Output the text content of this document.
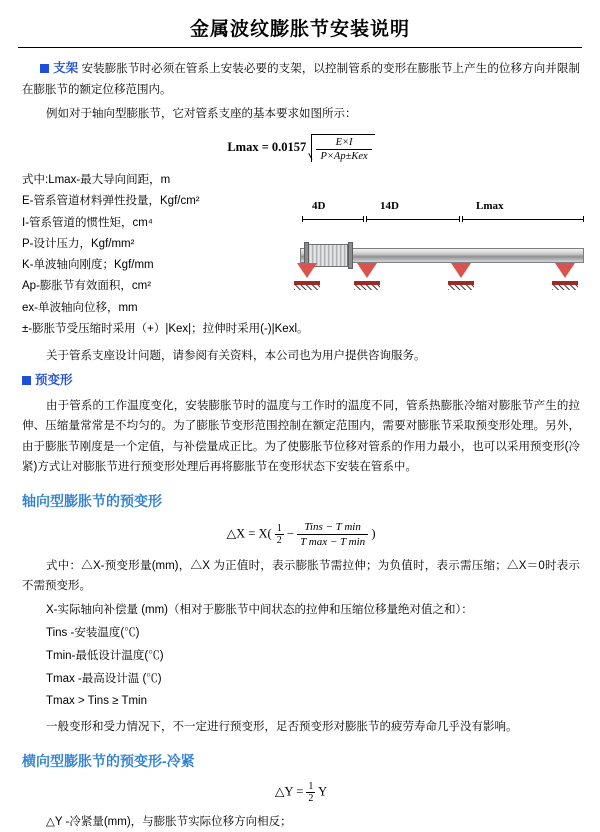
金属波纹膨胀节安装说明

支架 安装膨胀节时必须在管系上安装必要的支架，以控制管系的变形在膨胀节上产生的位移方向并限制在膨胀节的额定位移范围内。

例如对于轴向型膨胀节，它对管系支座的基本要求如图所示：

$Lmax = 0.0157 \frac{E\times I}{\text{P×Ap±Kex}}$
式中:Lmax-最大导向间距，m
E-管系管道材料弹性投量，Kgf/cm²
I-管系管道的惯性矩，cm⁴
P-设计压力，Kgf/mm²
K-单波轴向刚度；Kgf/mm
Ap-膨胀节有效面积，cm²
ex-单波轴向位移，mm
±-膨胀节受压缩时采用（+）|Kex|；拉伸时采用(-)|Kexl。

关于管系支座设计问题，请参阅有关资料，本公司也为用户提供咨询服务。

预变形

由于管系的工作温度变化，安装膨胀节时的温度与工作时的温度不同，管系热膨胀冷缩对膨胀节产生的拉伸、压缩量常常是不均匀的。为了膨胀节变形范围控制在额定范围内，需要对膨胀节采取预变形处理。另外，由于膨胀节刚度是一个定值，与补偿量成正比。为了使膨胀节位移对管系的作用力最小，也可以采用预变形(冷紧)方式让对膨胀节进行预变形处理后再将膨胀节在变形状态下安装在管系中。

轴向型膨胀节的预变形
△X = $X( \frac{1}{2} - \frac{\text{Tins − T min}}{\text{T max − T min}}$ )

式中：△X-预变形量(mm)，△X 为正值时，表示膨胀节需拉伸；为负值时，表示需压缩；△X＝0时表示不需预变形。

X-实际轴向补偿量 (mm)（相对于膨胀节中间状态的拉伸和压缩位移量绝对值之和）：
Tins -安装温度(℃)
Tmin-最低设计温度(℃)
Tmax -最高设计温 (℃)
Tmax > Tins ≥ Tmin

一般变形和受力情况下，不一定进行预变形，足否预变形对膨胀节的疲劳寿命几乎没有影响。

横向型膨胀节的预变形-冷紧
△Y = $\frac{1}{2}$ Y

△Y -冷紧量(mm)，与膨胀节实际位移方向相反；

4D	14D	Lmax
